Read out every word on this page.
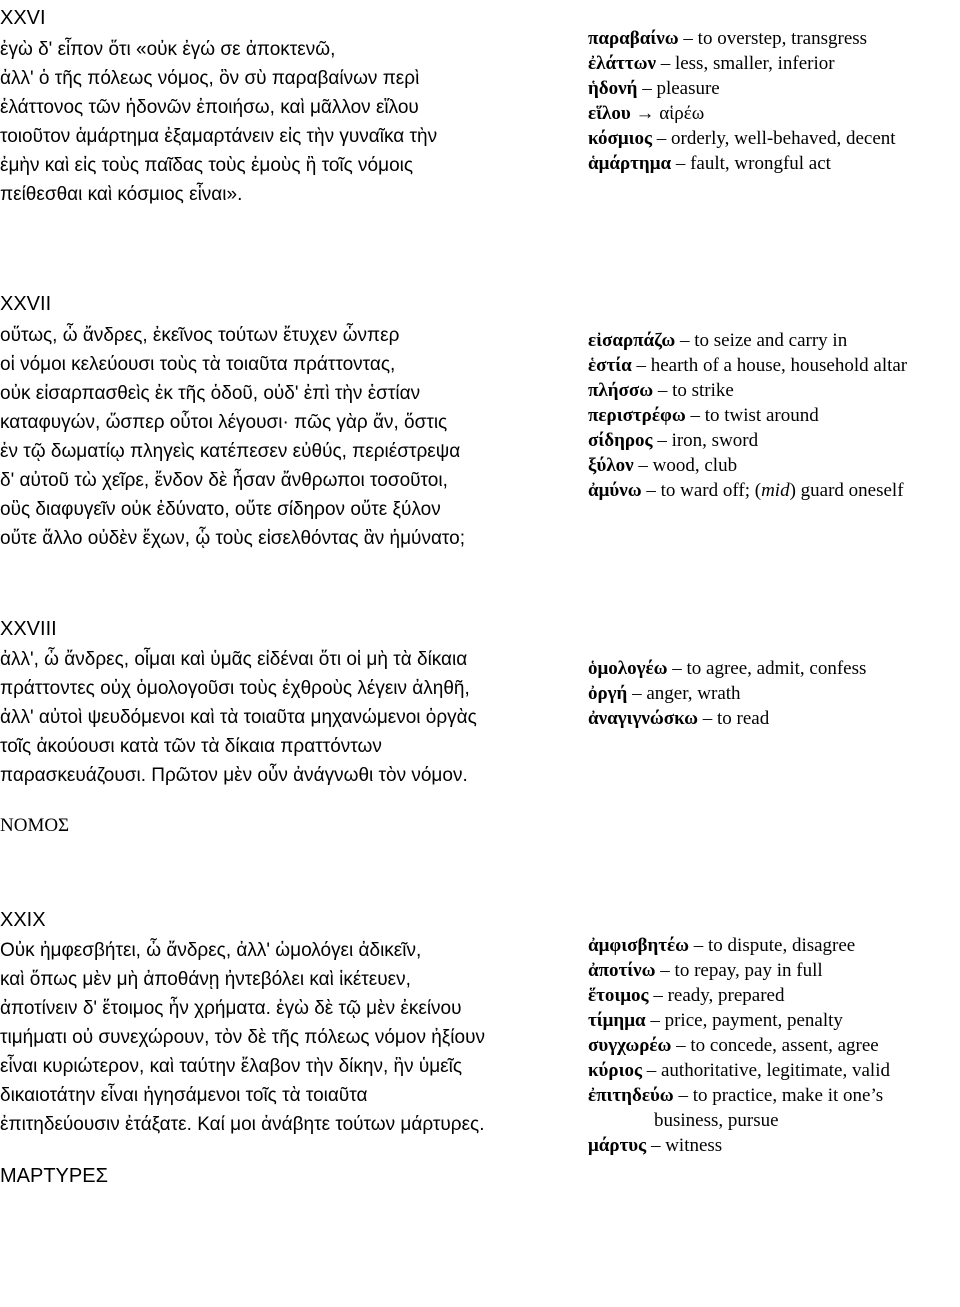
XXVI

ἐγὼ δ' εἶπον ὅτι «οὐκ ἐγώ σε ἀποκτενῶ,
ἀλλ' ὁ τῆς πόλεως νόμος, ὃν σὺ παραβαίνων περὶ
ἐλάττονος τῶν ἡδονῶν ἐποιήσω, καὶ μᾶλλον εἵλου
τοιοῦτον ἁμάρτημα ἐξαμαρτάνειν εἰς τὴν γυναῖκα τὴν
ἐμὴν καὶ εἰς τοὺς παῖδας τοὺς ἐμοὺς ἢ τοῖς νόμοις
πείθεσθαι καὶ κόσμιος εἶναι».

παραβαίνω – to overstep, transgress
ἐλάττων – less, smaller, inferior
ἡδονή – pleasure
εἵλου → αἱρέω
κόσμιος – orderly, well-behaved, decent
ἁμάρτημα – fault, wrongful act

XXVII

οὕτως, ὦ ἄνδρες, ἐκεῖνος τούτων ἔτυχεν ὧνπερ
οἱ νόμοι κελεύουσι τοὺς τὰ τοιαῦτα πράττοντας,
οὐκ εἰσαρπασθεὶς ἐκ τῆς ὁδοῦ, οὐδ' ἐπὶ τὴν ἑστίαν
καταφυγών, ὥσπερ οὗτοι λέγουσι· πῶς γὰρ ἄν, ὅστις
ἐν τῷ δωματίῳ πληγεὶς κατέπεσεν εὐθύς, περιέστρεψα
δ' αὐτοῦ τὼ χεῖρε, ἔνδον δὲ ἦσαν ἄνθρωποι τοσοῦτοι,
οὓς διαφυγεῖν οὐκ ἐδύνατο, οὔτε σίδηρον οὔτε ξύλον
οὔτε ἄλλο οὐδὲν ἔχων, ᾧ τοὺς εἰσελθόντας ἂν ἠμύνατο;

εἰσαρπάζω – to seize and carry in
ἑστία – hearth of a house, household altar
πλήσσω – to strike
περιστρέφω – to twist around
σίδηρος – iron, sword
ξύλον – wood, club
ἀμύνω – to ward off; (mid) guard oneself

XXVIII

ἀλλ', ὦ ἄνδρες, οἶμαι καὶ ὑμᾶς εἰδέναι ὅτι οἱ μὴ τὰ δίκαια
πράττοντες οὐχ ὁμολογοῦσι τοὺς ἐχθροὺς λέγειν ἀληθῆ,
ἀλλ' αὐτοὶ ψευδόμενοι καὶ τὰ τοιαῦτα μηχανώμενοι ὀργὰς
τοῖς ἀκούουσι κατὰ τῶν τὰ δίκαια πραττόντων
παρασκευάζουσι. Πρῶτον μὲν οὖν ἀνάγνωθι τὸν νόμον.

ΝΟΜΟΣ

ὁμολογέω – to agree, admit, confess
ὀργή – anger, wrath
ἀναγιγνώσκω – to read

XXIX

Οὐκ ἠμφεσβήτει, ὦ ἄνδρες, ἀλλ' ὡμολόγει ἀδικεῖν,
καὶ ὅπως μὲν μὴ ἀποθάνῃ ἠντεβόλει καὶ ἱκέτευεν,
ἀποτίνειν δ' ἕτοιμος ἦν χρήματα. ἐγὼ δὲ τῷ μὲν ἐκείνου
τιμήματι οὐ συνεχώρουν, τὸν δὲ τῆς πόλεως νόμον ἠξίουν
εἶναι κυριώτερον, καὶ ταύτην ἔλαβον τὴν δίκην, ἣν ὑμεῖς
δικαιοτάτην εἶναι ἡγησάμενοι τοῖς τὰ τοιαῦτα
ἐπιτηδεύουσιν ἐτάξατε. Καί μοι ἀνάβητε τούτων μάρτυρες.

ΜΑΡΤΥΡΕΣ

ἀμφισβητέω – to dispute, disagree
ἀποτίνω – to repay, pay in full
ἕτοιμος – ready, prepared
τίμημα – price, payment, penalty
συγχωρέω – to concede, assent, agree
κύριος – authoritative, legitimate, valid
ἐπιτηδεύω – to practice, make it one’s
business, pursue
μάρτυς – witness
